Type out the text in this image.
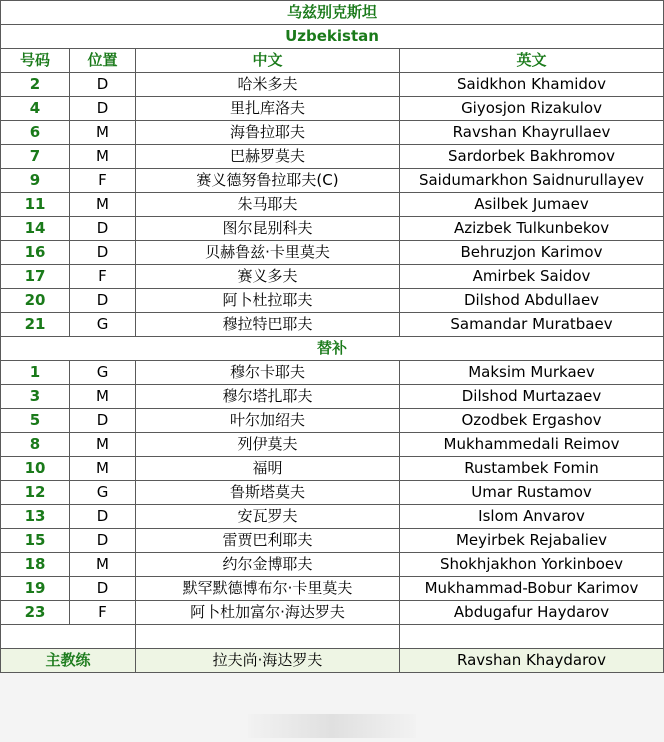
乌兹别克斯坦			
Uzbekistan			
号码	位置	中文	英文
2	D	哈米多夫	Saidkhon Khamidov
4	D	里扎库洛夫	Giyosjon Rizakulov
6	M	海鲁拉耶夫	Ravshan Khayrullaev
7	M	巴赫罗莫夫	Sardorbek Bakhromov
9	F	赛义德努鲁拉耶夫(C)	Saidumarkhon Saidnurullayev
11	M	朱马耶夫	Asilbek Jumaev
14	D	图尔昆别科夫	Azizbek Tulkunbekov
16	D	贝赫鲁兹·卡里莫夫	Behruzjon Karimov
17	F	赛义多夫	Amirbek Saidov
20	D	阿卜杜拉耶夫	Dilshod Abdullaev
21	G	穆拉特巴耶夫	Samandar Muratbaev
替补			
1	G	穆尔卡耶夫	Maksim Murkaev
3	M	穆尔塔扎耶夫	Dilshod Murtazaev
5	D	叶尔加绍夫	Ozodbek Ergashov
8	M	列伊莫夫	Mukhammedali Reimov
10	M	福明	Rustambek Fomin
12	G	鲁斯塔莫夫	Umar Rustamov
13	D	安瓦罗夫	Islom Anvarov
15	D	雷贾巴利耶夫	Meyirbek Rejabaliev
18	M	约尔金博耶夫	Shokhjakhon Yorkinboev
19	D	默罕默德博布尔·卡里莫夫	Mukhammad-Bobur Karimov
23	F	阿卜杜加富尔·海达罗夫	Abdugafur Haydarov

主教练		拉夫尚·海达罗夫	Ravshan Khaydarov
